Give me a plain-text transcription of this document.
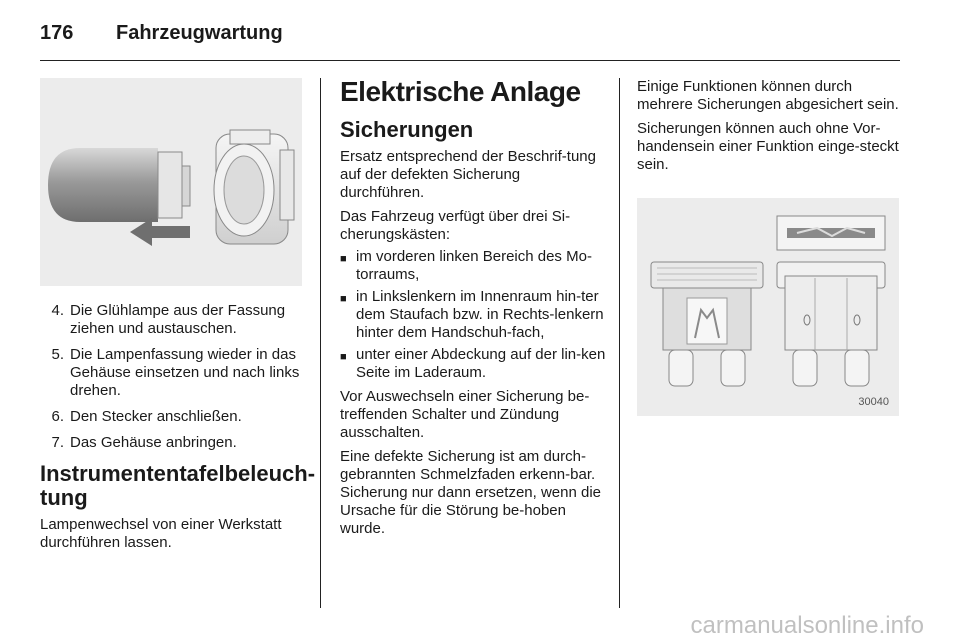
176 Fahrzeugwartung
4. Die Glühlampe aus der Fassung ziehen und austauschen.
5. Die Lampenfassung wieder in das Gehäuse einsetzen und nach links drehen.
6. Den Stecker anschließen.
7. Das Gehäuse anbringen.
Instrumententafelbeleuch-tung

Lampenwechsel von einer Werkstatt durchführen lassen.

Elektrische Anlage
Sicherungen

Ersatz entsprechend der Beschrif-tung auf der defekten Sicherung durchführen.

Das Fahrzeug verfügt über drei Si-cherungskästen:

■ im vorderen linken Bereich des Mo-torraums,
■ in Linkslenkern im Innenraum hin-ter dem Staufach bzw. in Rechts-lenkern hinter dem Handschuh-fach,
■ unter einer Abdeckung auf der lin-ken Seite im Laderaum.

Vor Auswechseln einer Sicherung be-treffenden Schalter und Zündung ausschalten.

Eine defekte Sicherung ist am durch-gebrannten Schmelzfaden erkenn-bar. Sicherung nur dann ersetzen, wenn die Ursache für die Störung be-hoben wurde.

Einige Funktionen können durch mehrere Sicherungen abgesichert sein.

Sicherungen können auch ohne Vor-handensein einer Funktion einge-steckt sein.

30040
carmanualsonline.info
